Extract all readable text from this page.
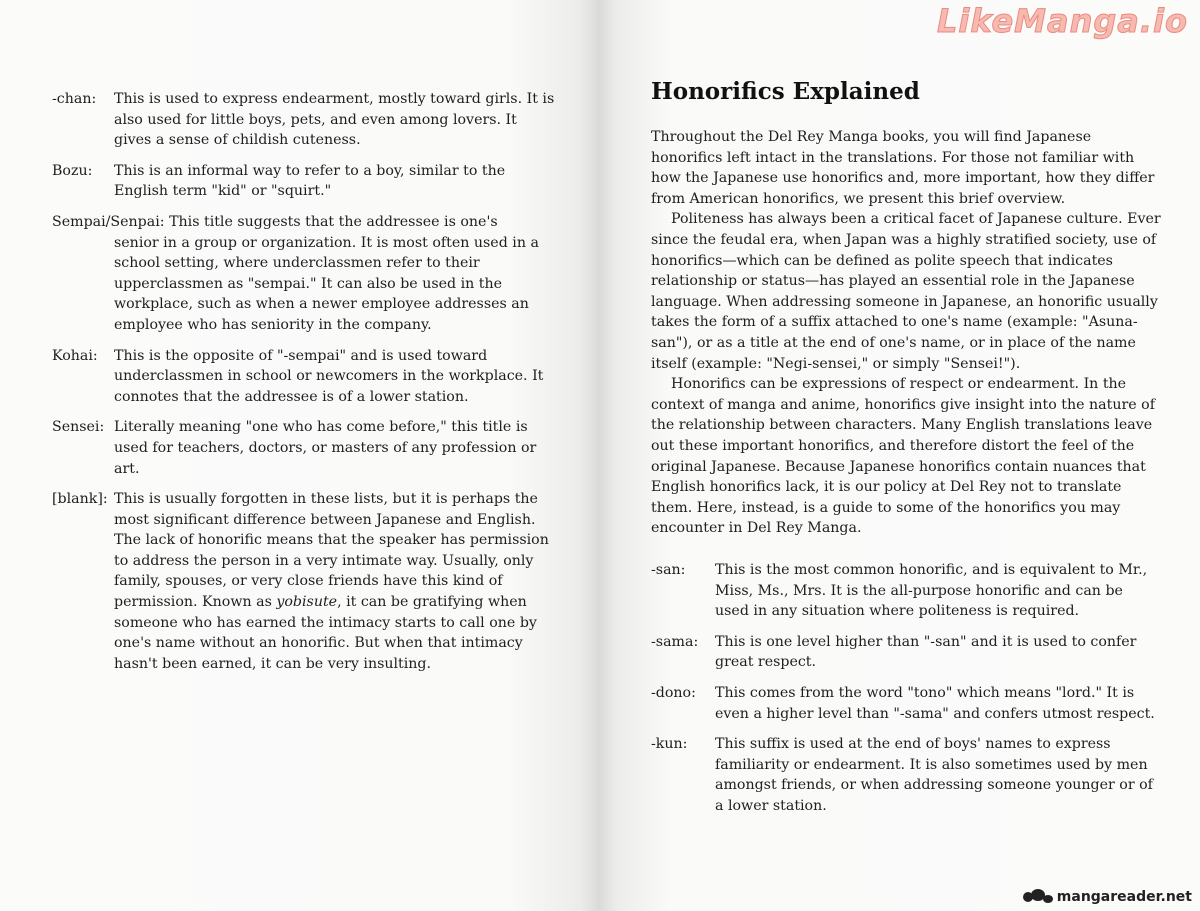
-chan:	This is used to express endearment, mostly toward girls. It is also used for little boys, pets, and even among lovers. It gives a sense of childish cuteness.
Bozu:	This is an informal way to refer to a boy, similar to the English term "kid" or "squirt."
Sempai/Senpai: This title suggests that the addressee is one's
senior in a group or organization. It is most often used in a school setting, where underclassmen refer to their upperclassmen as "sempai." It can also be used in the workplace, such as when a newer employee addresses an employee who has seniority in the company.
Kohai:	This is the opposite of "-sempai" and is used toward underclassmen in school or newcomers in the workplace. It connotes that the addressee is of a lower station.
Sensei: Literally meaning "one who has come before," this title is used for teachers, doctors, or masters of any profession or art.
[blank]: This is usually forgotten in these lists, but it is perhaps the most significant difference between Japanese and English. The lack of honorific means that the speaker has permission to address the person in a very intimate way. Usually, only family, spouses, or very close friends have this kind of permission. Known as yobisute, it can be gratifying when someone who has earned the intimacy starts to call one by one's name without an honorific. But when that intimacy hasn't been earned, it can be very insulting.
LikeManga.io
Honorifics Explained

Throughout the Del Rey Manga books, you will find Japanese honorifics left intact in the translations. For those not familiar with how the Japanese use honorifics and, more important, how they differ from American honorifics, we present this brief overview.

Politeness has always been a critical facet of Japanese culture. Ever since the feudal era, when Japan was a highly stratified society, use of honorifics—which can be defined as polite speech that indicates relationship or status—has played an essential role in the Japanese language. When addressing someone in Japanese, an honorific usually takes the form of a suffix attached to one's name (example: "Asuna-san"), or as a title at the end of one's name, or in place of the name itself (example: "Negi-sensei," or simply "Sensei!").

Honorifics can be expressions of respect or endearment. In the context of manga and anime, honorifics give insight into the nature of the relationship between characters. Many English translations leave out these important honorifics, and therefore distort the feel of the original Japanese. Because Japanese honorifics contain nuances that English honorifics lack, it is our policy at Del Rey not to translate them. Here, instead, is a guide to some of the honorifics you may encounter in Del Rey Manga.

-san:	This is the most common honorific, and is equivalent to Mr., Miss, Ms., Mrs. It is the all-purpose honorific and can be used in any situation where politeness is required.
-sama:	This is one level higher than "-san" and it is used to confer great respect.
-dono:	This comes from the word "tono" which means "lord." It is even a higher level than "-sama" and confers utmost respect.
-kun:	This suffix is used at the end of boys' names to express familiarity or endearment. It is also sometimes used by men amongst friends, or when addressing someone younger or of a lower station.
mangareader.net
